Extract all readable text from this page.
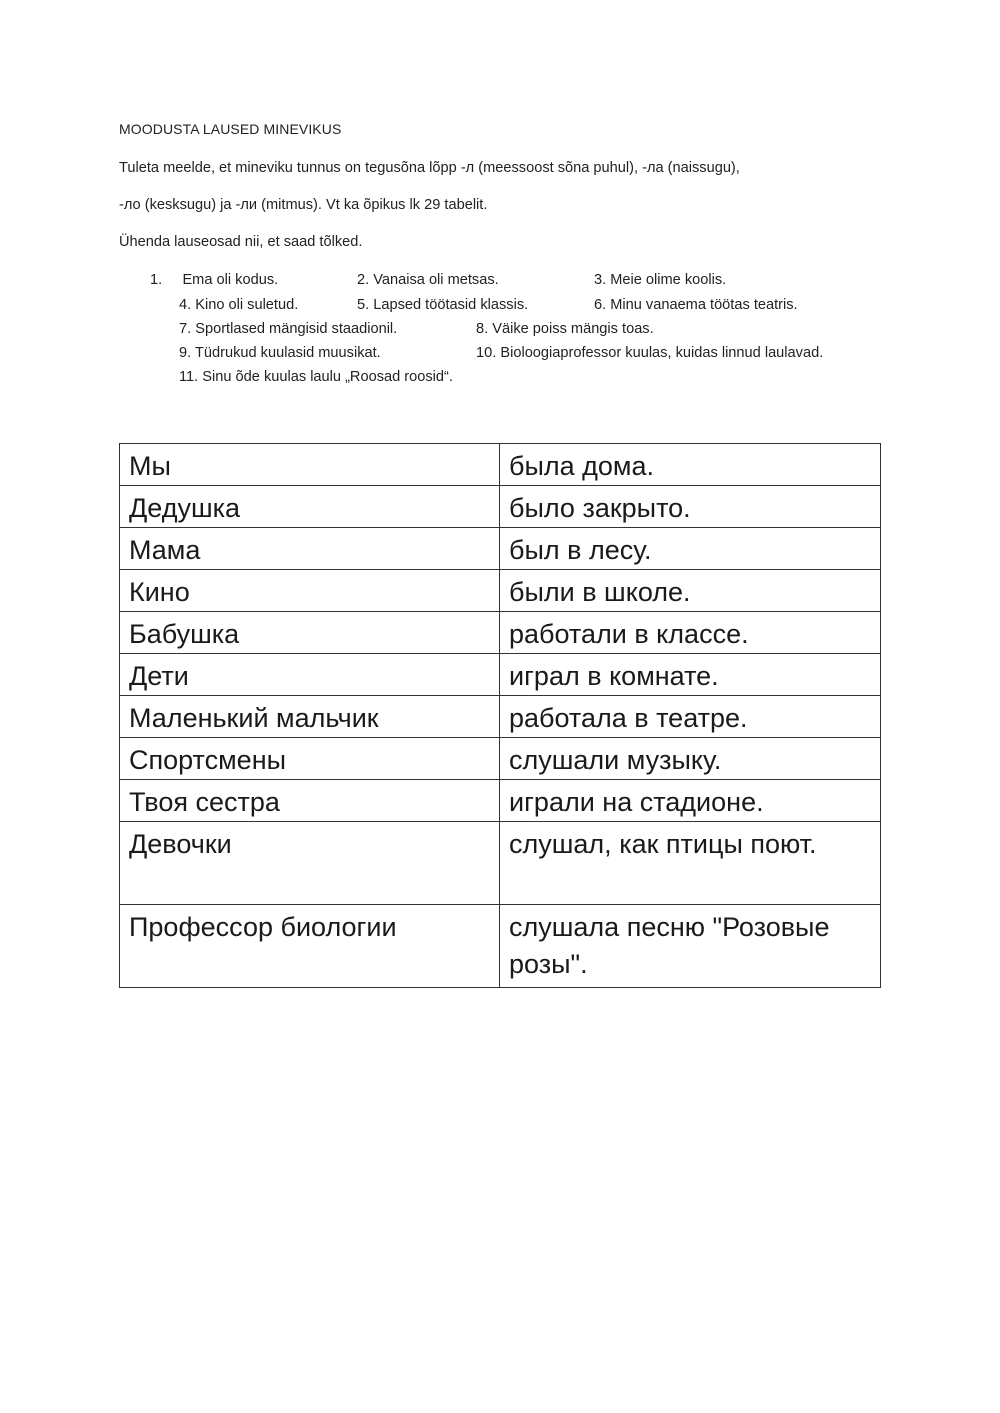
MOODUSTA LAUSED MINEVIKUS
Tuleta meelde, et mineviku tunnus on tegusõna lõpp -л (meessoost sõna puhul), -ла (naissugu),
-ло (kesksugu) ja -ли (mitmus). Vt ka õpikus lk 29 tabelit.
Ühenda lauseosad nii, et saad tõlked.
1. Ema oli kodus.	2. Vanaisa oli metsas.	3. Meie olime koolis.
4. Kino oli suletud.	5. Lapsed töötasid klassis.	6. Minu vanaema töötas teatris.
7. Sportlased mängisid staadionil.	8. Väike poiss mängis toas.
9. Tüdrukud kuulasid muusikat.	10. Bioloogiaprofessor kuulas, kuidas linnud laulavad.
11. Sinu õde kuulas laulu „Roosad roosid“.
Мы	была дома.
Дедушка	было закрыто.
Мама	был в лесу.
Кино	были в школе.
Бабушка	работали в классе.
Дети	играл в комнате.
Маленький мальчик	работала в театре.
Спортсмены	слушали музыку.
Твоя сестра	играли на стадионе.
Девочки	слушал, как птицы поют.
Профессор биологии	слушала песню "Розовые розы".
